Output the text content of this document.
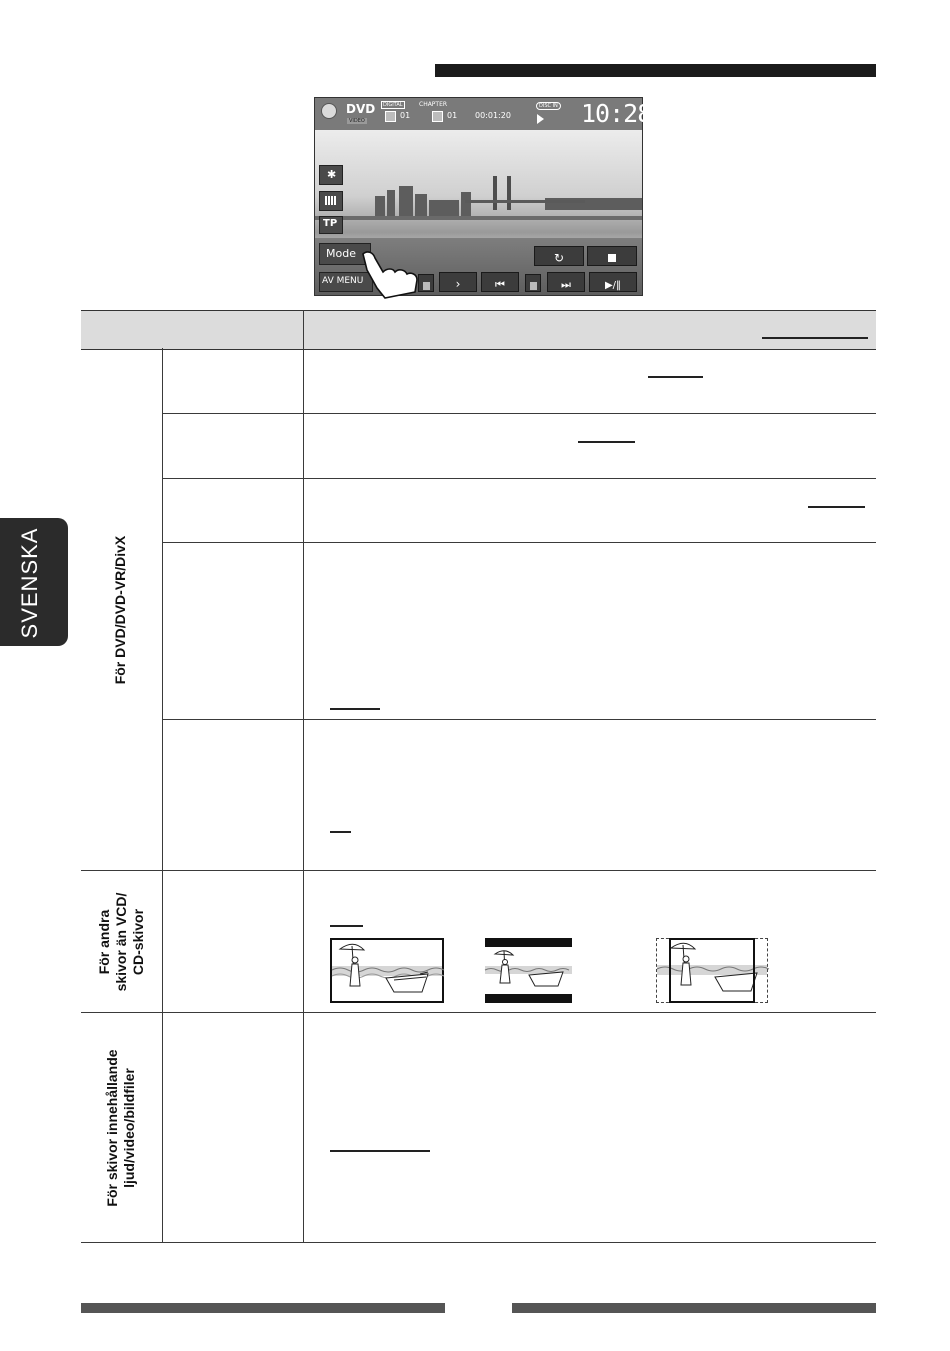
DVD
VIDEO
DIGITAL	CHAPTER
01	01 00:01:20
DISC IN 10:28
✱
TP
Mode
AV MENU
↻
›	⏮	⏭	▶/‖
För DVD/DVD-VR/DivX
För andra
skivor än VCD/
CD-skivor
För skivor innehållande
ljud/video/bildfiler
SVENSKA
